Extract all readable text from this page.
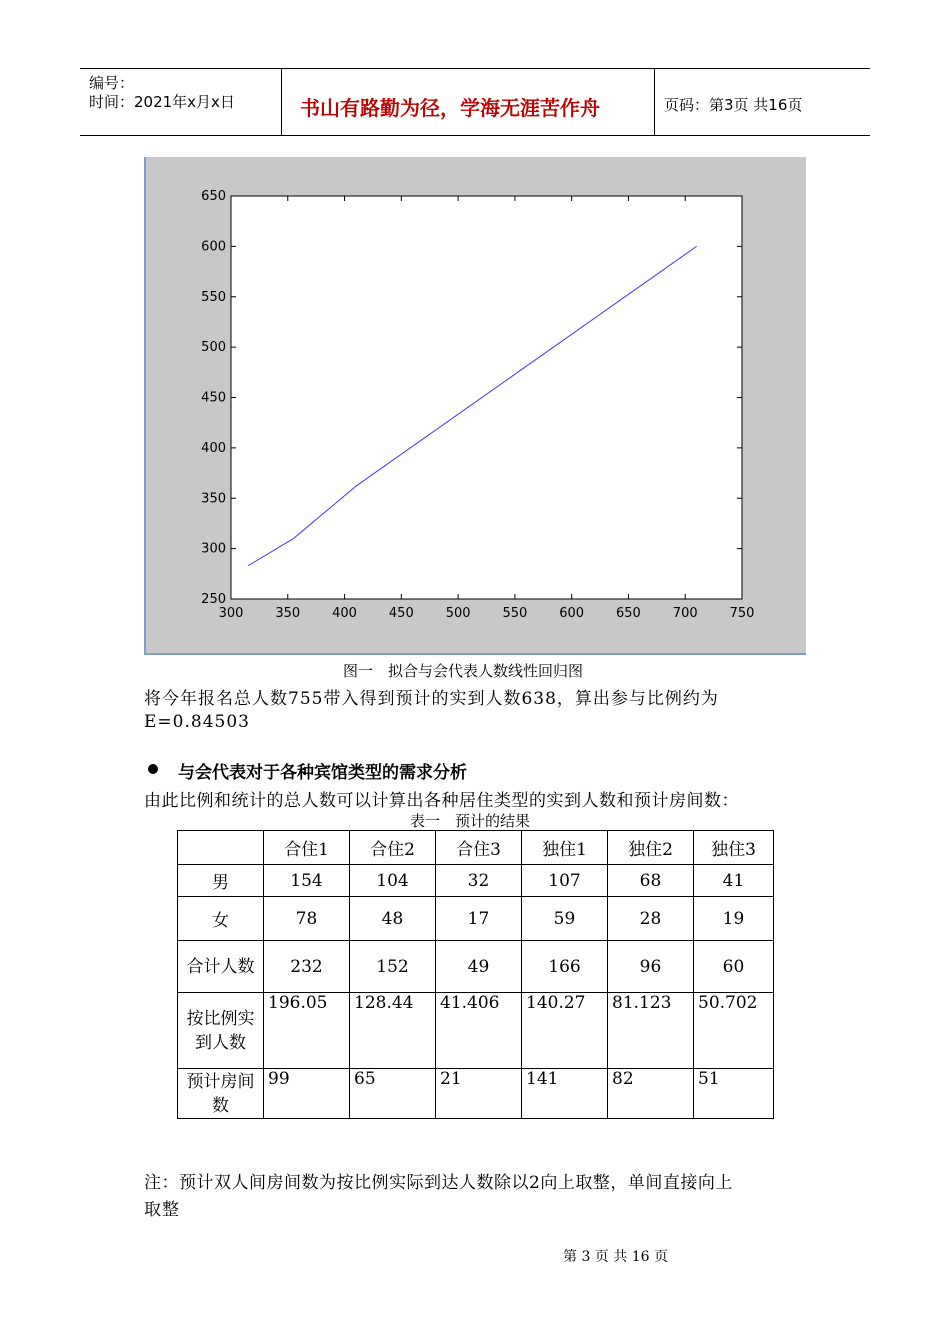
编号：
时间：2021年x月x日	书山有路勤为径，学海无涯苦作舟	页码：第3页 共16页
300 350 400 450 500 550 600 650 700 750
250
300
350
400
450
500
550
600
650
图一　拟合与会代表人数线性回归图
将今年报名总人数755带入得到预计的实到人数638，算出参与比例约为
E=0.84503
与会代表对于各种宾馆类型的需求分析
由此比例和统计的总人数可以计算出各种居住类型的实到人数和预计房间数：
表一　预计的结果
	合住1	合住2	合住3	独住1	独住2	独住3
男	154	104	32	107	68	41
女	78	48	17	59	28	19
合计人数	232	152	49	166	96	60
按比例实到人数	196.05	128.44	41.406	140.27	81.123	50.702
预计房间数	99	65	21	141	82	51
注：预计双人间房间数为按比例实际到达人数除以2向上取整，单间直接向上
取整
第 3 页 共 16 页
